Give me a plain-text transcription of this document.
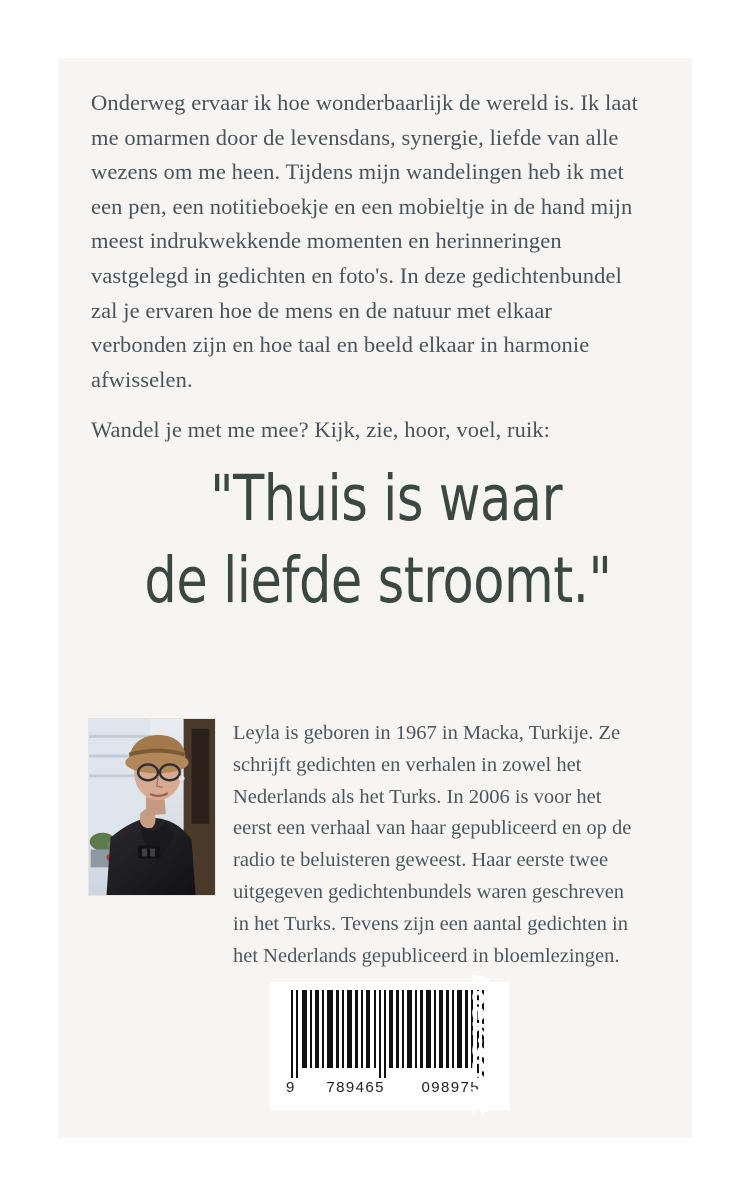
Onderweg ervaar ik hoe wonderbaarlijk de wereld is. Ik laat me omarmen door de levensdans, synergie, liefde van alle wezens om me heen. Tijdens mijn wandelingen heb ik met een pen, een notitieboekje en een mobieltje in de hand mijn meest indrukwekkende momenten en herinneringen vastgelegd in gedichten en foto's. In deze gedichtenbundel zal je ervaren hoe de mens en de natuur met elkaar verbonden zijn en hoe taal en beeld elkaar in harmonie afwisselen.

Wandel je met me mee? Kijk, zie, hoor, voel, ruik:

"Thuis is waar
de liefde stroomt."

Leyla is geboren in 1967 in Macka, Turkije. Ze schrijft gedichten en verhalen in zowel het Nederlands als het Turks. In 2006 is voor het eerst een verhaal van haar gepubliceerd en op de radio te beluisteren geweest. Haar eerste twee uitgegeven gedichtenbundels waren geschreven in het Turks. Tevens zijn een aantal gedichten in het Nederlands gepubliceerd in bloemlezingen.

9 789465 098975
boek·scout
